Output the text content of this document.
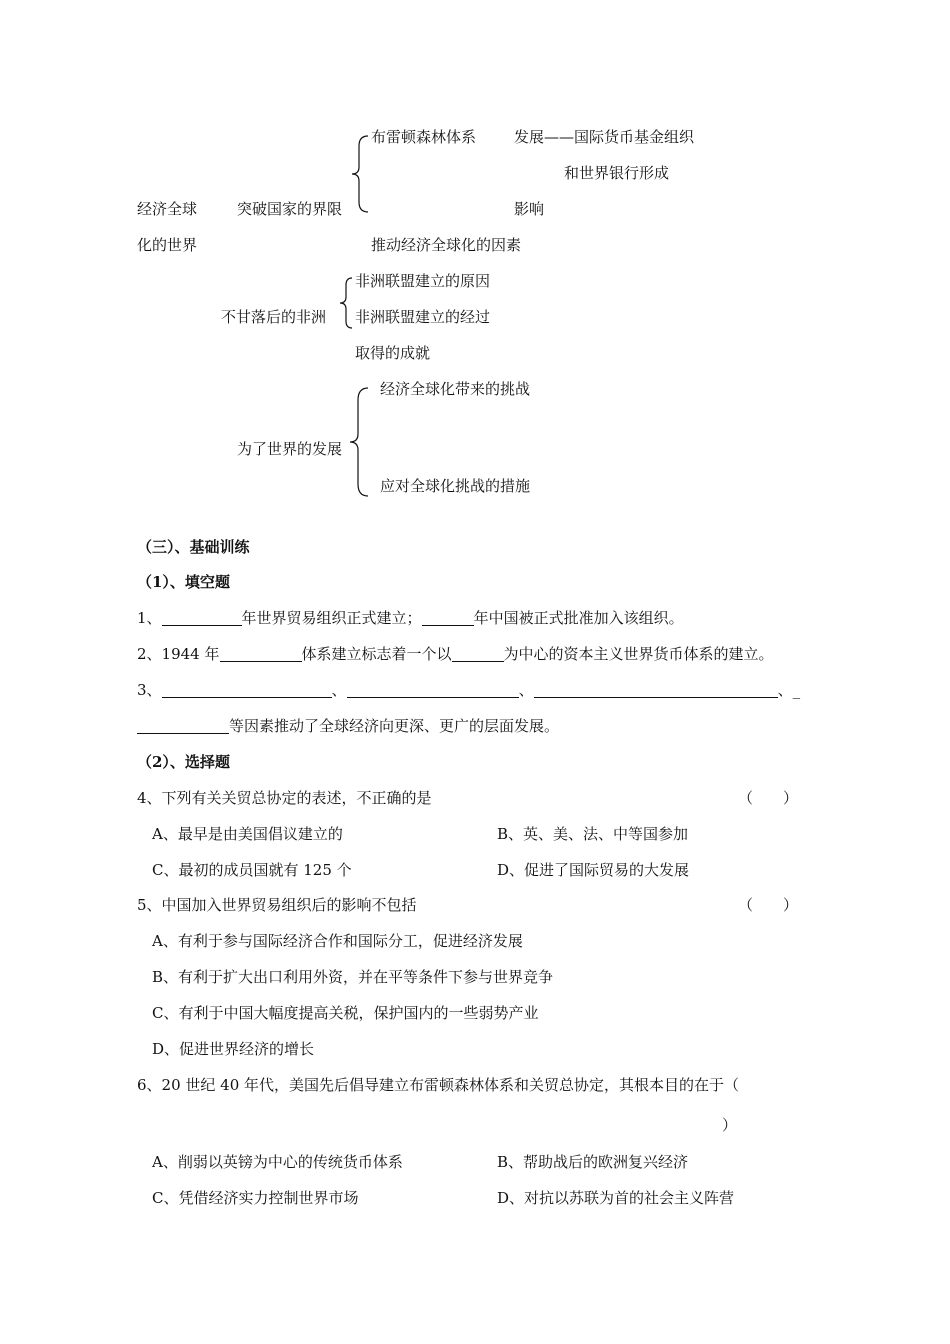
布雷顿森林体系	发展——国际货币基金组织
和世界银行形成
经济全球	突破国家的界限	影响
化的世界	推动经济全球化的因素
非洲联盟建立的原因
不甘落后的非洲 非洲联盟建立的经过
取得的成就
经济全球化带来的挑战
为了世界的发展
应对全球化挑战的措施
（三）、基础训练
（1）、填空题
1、	年世界贸易组织正式建立；	年中国被正式批准加入该组织。
2、1944 年	体系建立标志着一个以	为中心的资本主义世界货币体系的建立。
3、	、	、	、_
等因素推动了全球经济向更深、更广的层面发展。
（2）、选择题
4、下列有关关贸总协定的表述，不正确的是	（　　）
A、最早是由美国倡议建立的	B、英、美、法、中等国参加
C、最初的成员国就有 125 个	D、促进了国际贸易的大发展
5、中国加入世界贸易组织后的影响不包括	（　　）
A、有利于参与国际经济合作和国际分工，促进经济发展
B、有利于扩大出口利用外资，并在平等条件下参与世界竞争
C、有利于中国大幅度提高关税，保护国内的一些弱势产业
D、促进世界经济的增长
6、20 世纪 40 年代，美国先后倡导建立布雷顿森林体系和关贸总协定，其根本目的在于（
）
A、削弱以英镑为中心的传统货币体系	B、帮助战后的欧洲复兴经济
C、凭借经济实力控制世界市场	D、对抗以苏联为首的社会主义阵营
